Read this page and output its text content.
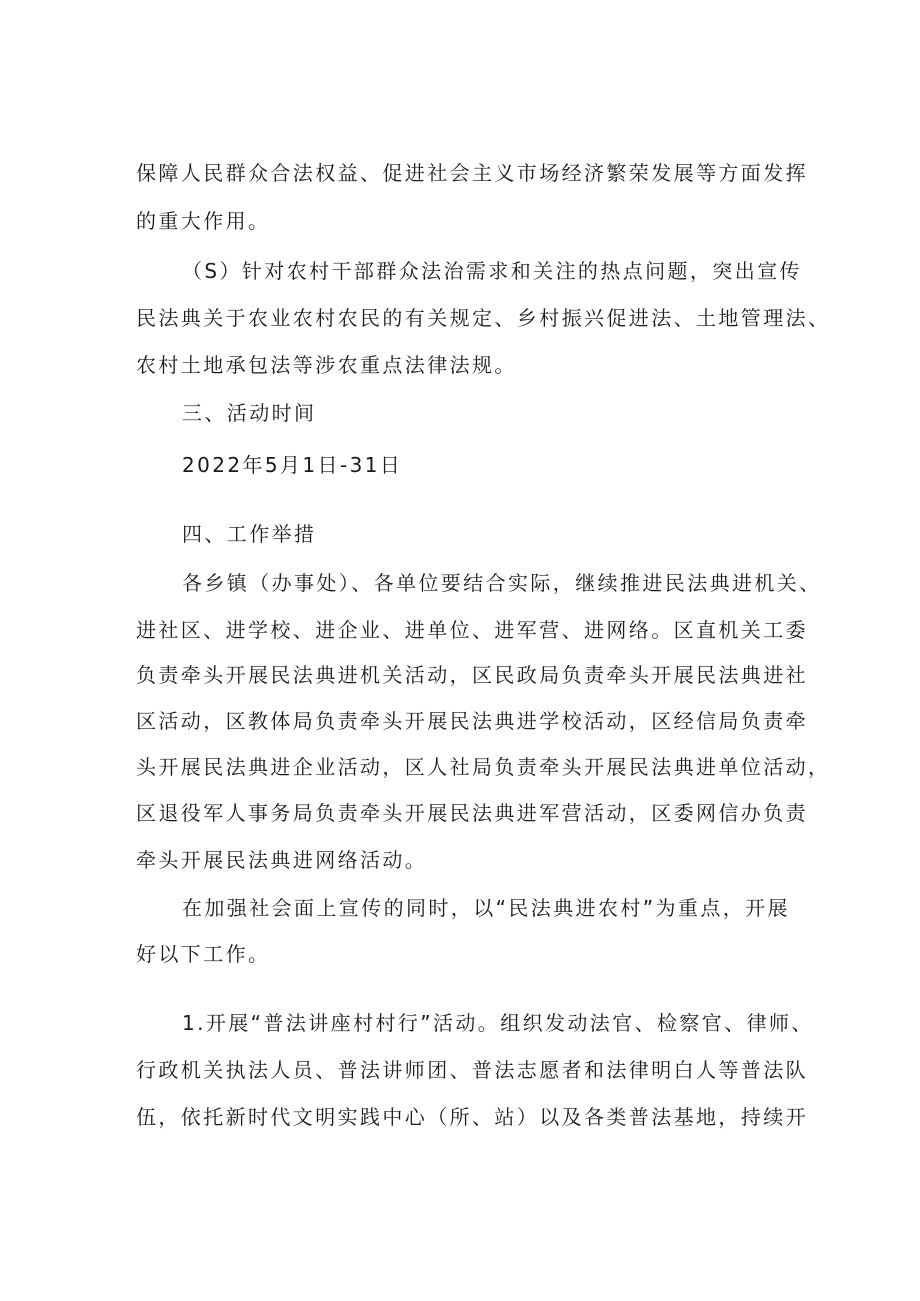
保障人民群众合法权益、促进社会主义市场经济繁荣发展等方面发挥
的重大作用。
（S）针对农村干部群众法治需求和关注的热点问题，突出宣传
民法典关于农业农村农民的有关规定、乡村振兴促进法、土地管理法、
农村土地承包法等涉农重点法律法规。
三、活动时间
2022年5月1日-31日
四、工作举措
各乡镇（办事处）、各单位要结合实际，继续推进民法典进机关、
进社区、进学校、进企业、进单位、进军营、进网络。区直机关工委
负责牵头开展民法典进机关活动，区民政局负责牵头开展民法典进社
区活动，区教体局负责牵头开展民法典进学校活动，区经信局负责牵
头开展民法典进企业活动，区人社局负责牵头开展民法典进单位活动，
区退役军人事务局负责牵头开展民法典进军营活动，区委网信办负责
牵头开展民法典进网络活动。
在加强社会面上宣传的同时，以“民法典进农村”为重点，开展
好以下工作。
1.开展“普法讲座村村行”活动。组织发动法官、检察官、律师、
行政机关执法人员、普法讲师团、普法志愿者和法律明白人等普法队
伍，依托新时代文明实践中心（所、站）以及各类普法基地，持续开
